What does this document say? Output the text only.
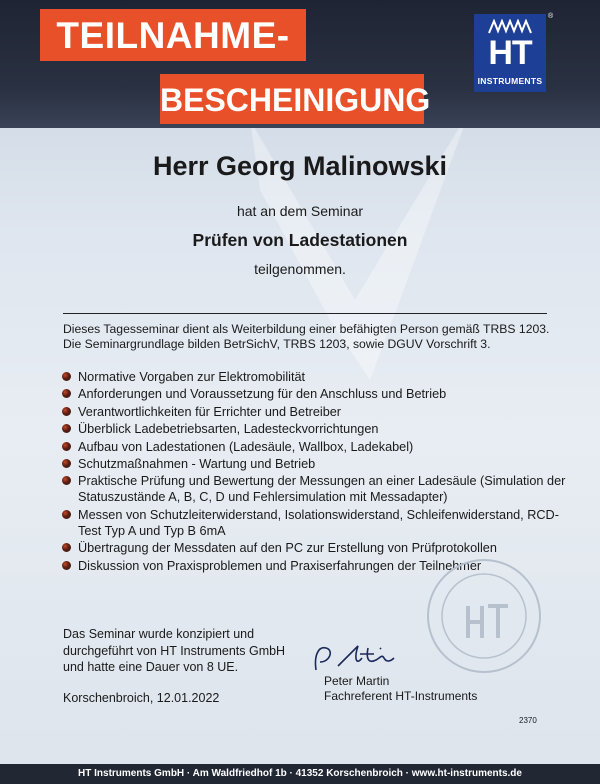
TEILNAHME-
BESCHEINIGUNG
HT
INSTRUMENTS
®
Herr Georg Malinowski
hat an dem Seminar
Prüfen von Ladestationen
teilgenommen.
Dieses Tagesseminar dient als Weiterbildung einer befähigten Person gemäß TRBS 1203.
Die Seminargrundlage bilden BetrSichV, TRBS 1203, sowie DGUV Vorschrift 3.
Normative Vorgaben zur Elektromobilität
Anforderungen und Voraussetzung für den Anschluss und Betrieb
Verantwortlichkeiten für Errichter und Betreiber
Überblick Ladebetriebsarten, Ladesteckvorrichtungen
Aufbau von Ladestationen (Ladesäule, Wallbox, Ladekabel)
Schutzmaßnahmen - Wartung und Betrieb
Praktische Prüfung und Bewertung der Messungen an einer Ladesäule (Simulation der Statuszustände A, B, C, D und Fehlersimulation mit Messadapter)
Messen von Schutzleiterwiderstand, Isolationswiderstand, Schleifenwiderstand, RCD-Test Typ A und Typ B 6mA
Übertragung der Messdaten auf den PC zur Erstellung von Prüfprotokollen
Diskussion von Praxisproblemen und Praxiserfahrungen der Teilnehmer
Das Seminar wurde konzipiert und
durchgeführt von HT Instruments GmbH
und hatte eine Dauer von 8 UE.
Korschenbroich, 12.01.2022
Peter Martin
Fachreferent HT-Instruments
2370
HT Instruments GmbH · Am Waldfriedhof 1b · 41352 Korschenbroich · www.ht-instruments.de
